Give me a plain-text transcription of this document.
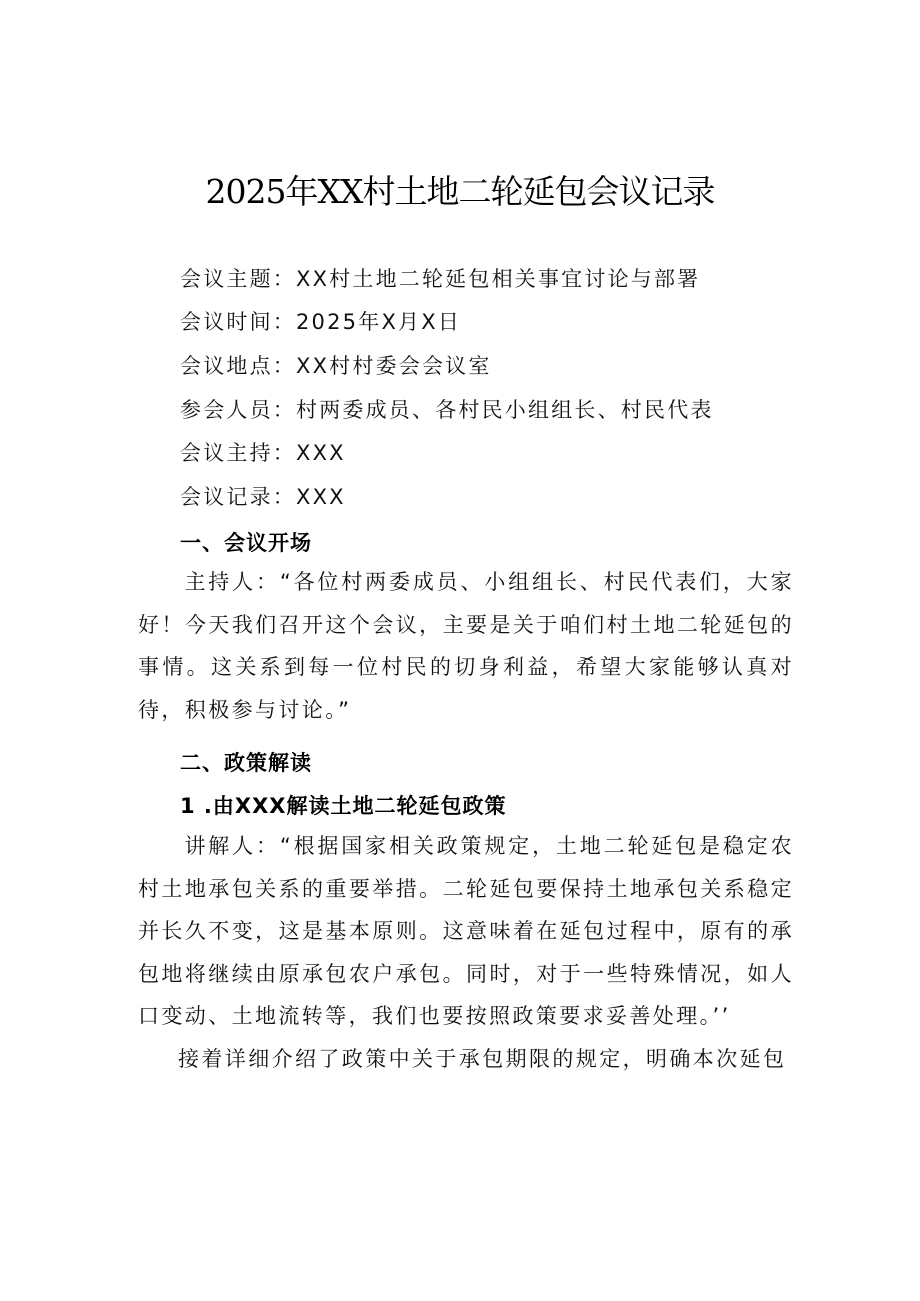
2025年XX村土地二轮延包会议记录
会议主题：XX村土地二轮延包相关事宜讨论与部署
会议时间：2025年X月X日
会议地点：XX村村委会会议室
参会人员：村两委成员、各村民小组组长、村民代表
会议主持：XXX
会议记录：XXX
一、会议开场
主持人：“各位村两委成员、小组组长、村民代表们，大家好！今天我们召开这个会议，主要是关于咱们村土地二轮延包的事情。这关系到每一位村民的切身利益，希望大家能够认真对待，积极参与讨论。”
二、政策解读
1 .由XXX解读土地二轮延包政策
讲解人：“根据国家相关政策规定，土地二轮延包是稳定农村土地承包关系的重要举措。二轮延包要保持土地承包关系稳定并长久不变，这是基本原则。这意味着在延包过程中，原有的承包地将继续由原承包农户承包。同时，对于一些特殊情况，如人口变动、土地流转等，我们也要按照政策要求妥善处理。’’
接着详细介绍了政策中关于承包期限的规定，明确本次延包
